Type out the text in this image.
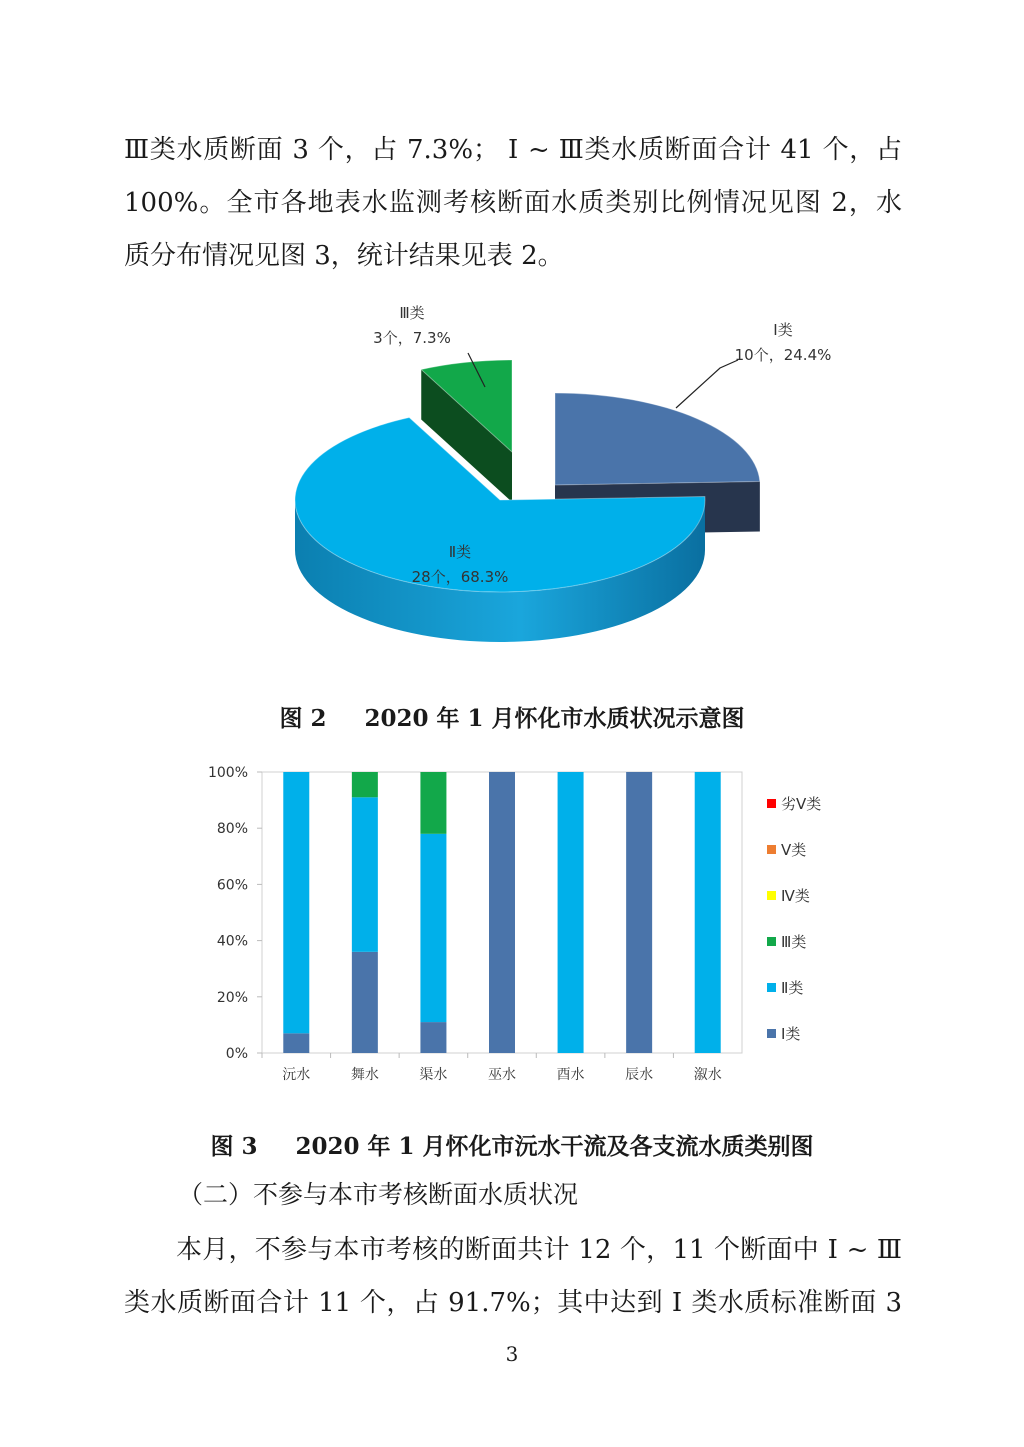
Ⅲ类水质断面 3 个，占 7.3%； Ⅰ ~ Ⅲ类水质断面合计 41 个，占
100%。全市各地表水监测考核断面水质类别比例情况见图 2，水
质分布情况见图 3，统计结果见表 2。
Ⅰ类
10个，24.4%
Ⅲ类
3个，7.3%
Ⅱ类
28个，68.3%
图 2 2020 年 1 月怀化市水质状况示意图
0%
20%
40%
60%
80%
100%
沅水	舞水	渠水	巫水	酉水	辰水	溆水
劣Ⅴ类
Ⅴ类
Ⅳ类
Ⅲ类
Ⅱ类
Ⅰ类
图 3 2020 年 1 月怀化市沅水干流及各支流水质类别图
（二）不参与本市考核断面水质状况
本月，不参与本市考核的断面共计 12 个，11 个断面中 Ⅰ ~ Ⅲ
类水质断面合计 11 个，占 91.7%；其中达到 Ⅰ 类水质标准断面 3
3
